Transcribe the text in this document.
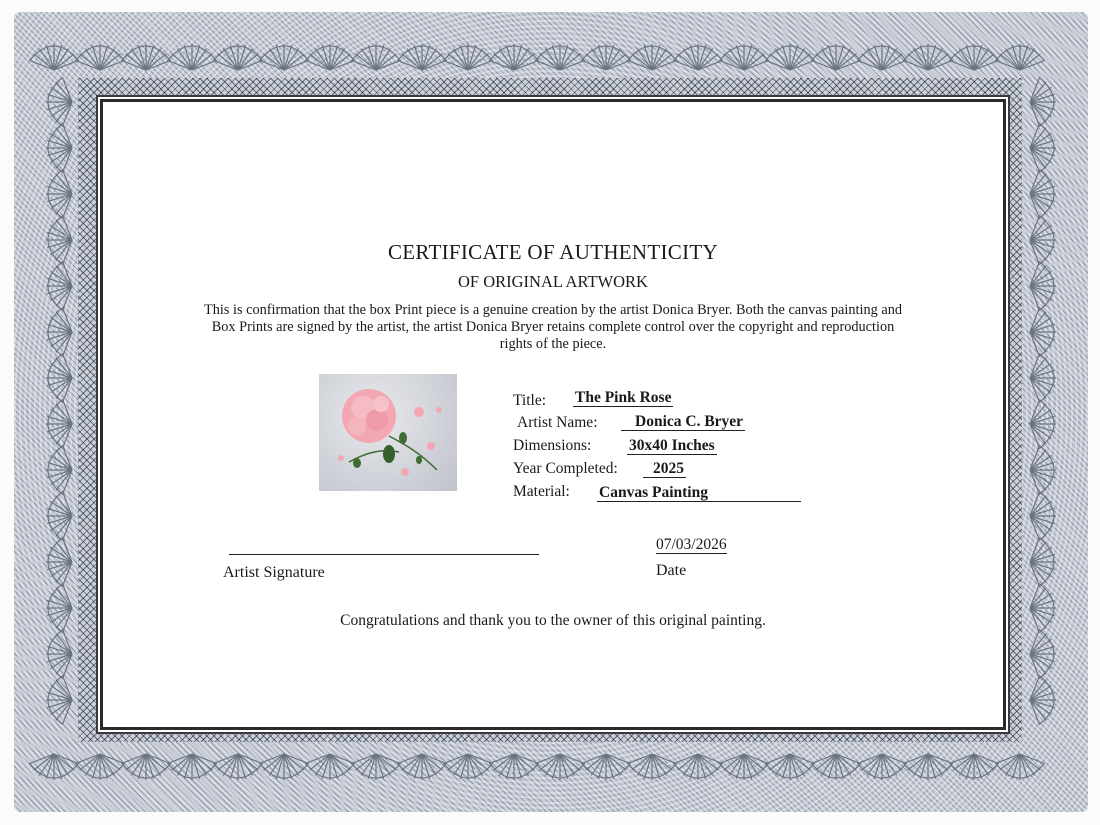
CERTIFICATE OF AUTHENTICITY
OF ORIGINAL ARTWORK
This is confirmation that the box Print piece is a genuine creation by the artist Donica Bryer. Both the canvas painting and Box Prints are signed by the artist, the artist Donica Bryer retains complete control over the copyright and reproduction rights of the piece.
Title: The Pink Rose
Artist Name:	Donica C. Bryer
Dimensions: 30x40 Inches
Year Completed:	2025
Material: Canvas Painting
Artist Signature
07/03/2026
Date
Congratulations and thank you to the owner of this original painting.
